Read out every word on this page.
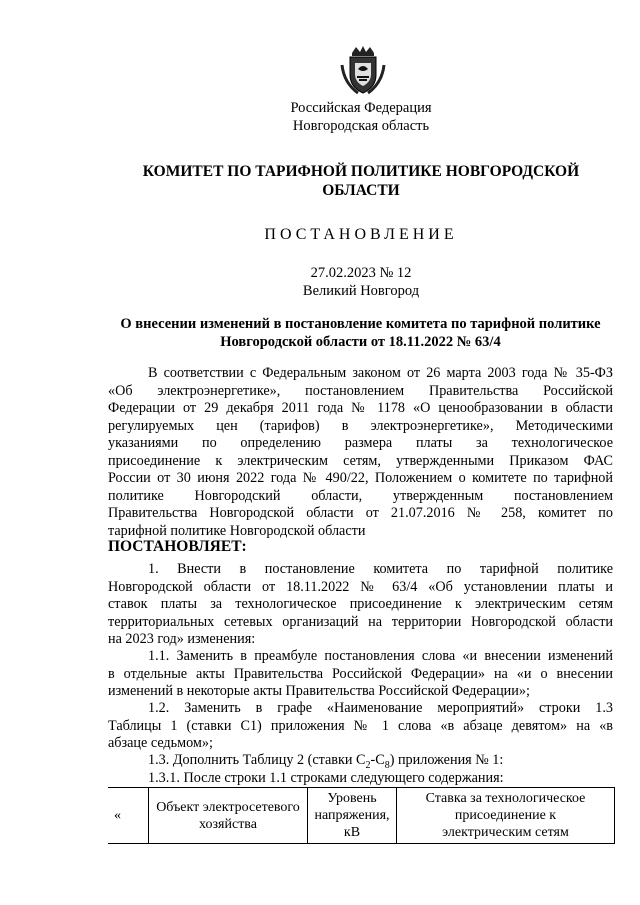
Российская Федерация
Новгородская область
КОМИТЕТ ПО ТАРИФНОЙ ПОЛИТИКЕ НОВГОРОДСКОЙ
ОБЛАСТИ
ПОСТАНОВЛЕНИЕ
27.02.2023 № 12
Великий Новгород
О внесении изменений в постановление комитета по тарифной политике
Новгородской области от 18.11.2022 № 63/4
В соответствии с Федеральным законом от 26 марта 2003 года № 35-ФЗ
«Об электроэнергетике», постановлением Правительства Российской
Федерации от 29 декабря 2011 года № 1178 «О ценообразовании в области
регулируемых цен (тарифов) в электроэнергетике», Методическими
указаниями по определению размера платы за технологическое
присоединение к электрическим сетям, утвержденными Приказом ФАС
России от 30 июня 2022 года № 490/22, Положением о комитете по тарифной
политике Новгородский области, утвержденным постановлением
Правительства Новгородской области от 21.07.2016 № 258, комитет по
тарифной политике Новгородской области
ПОСТАНОВЛЯЕТ:
1. Внести в постановление комитета по тарифной политике
Новгородской области от 18.11.2022 № 63/4 «Об установлении платы и
ставок платы за технологическое присоединение к электрическим сетям
территориальных сетевых организаций на территории Новгородской области
на 2023 год» изменения:
1.1. Заменить в преамбуле постановления слова «и внесении изменений
в отдельные акты Правительства Российской Федерации» на «и о внесении
изменений в некоторые акты Правительства Российской Федерации»;
1.2. Заменить в графе «Наименование мероприятий» строки 1.3
Таблицы 1 (ставки С1) приложения № 1 слова «в абзаце девятом» на «в
абзаце седьмом»;
1.3. Дополнить Таблицу 2 (ставки $С_2-С_8$) приложения № 1:
1.3.1. После строки 1.1 строками следующего содержания:
«	Объект электросетевого хозяйства	Уровень
напряжения,
кВ	Ставка за технологическое
присоединение к
электрическим сетям
